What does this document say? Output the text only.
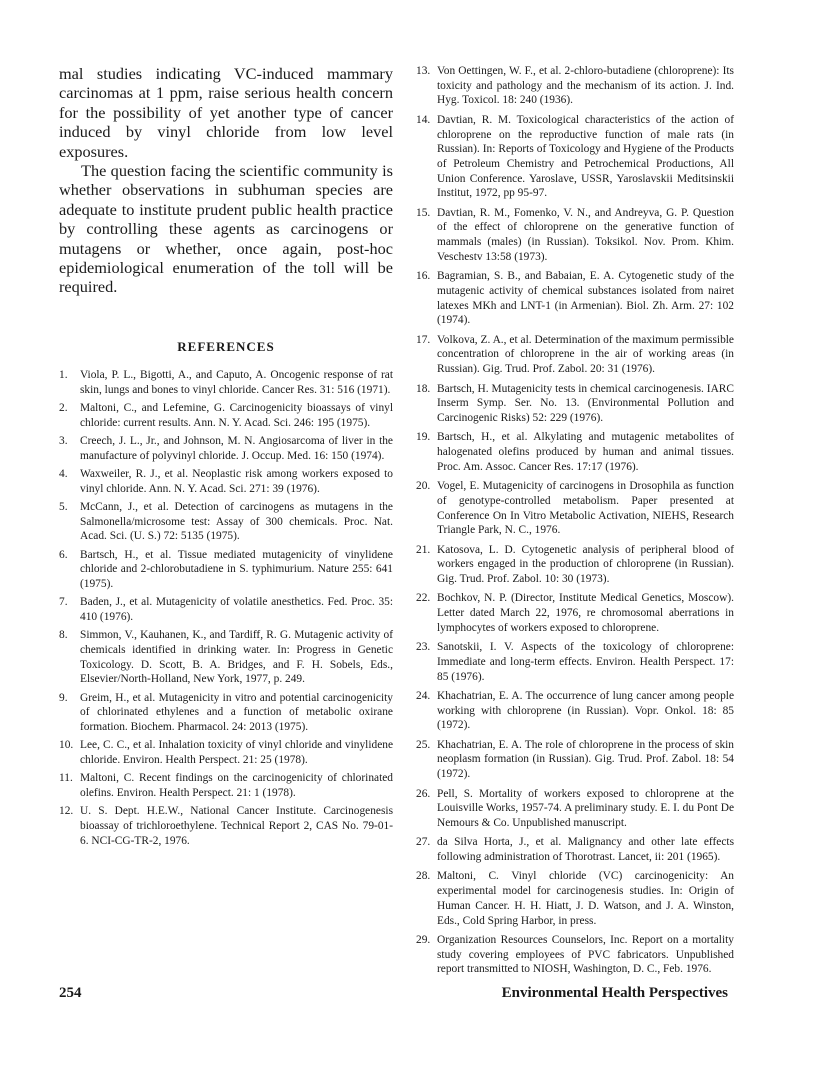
mal studies indicating VC-induced mammary carcinomas at 1 ppm, raise serious health concern for the possibility of yet another type of cancer induced by vinyl chloride from low level exposures.

The question facing the scientific community is whether observations in subhuman species are adequate to institute prudent public health practice by controlling these agents as carcinogens or mutagens or whether, once again, post-hoc epidemiological enumeration of the toll will be required.

REFERENCES
1. Viola, P. L., Bigotti, A., and Caputo, A. Oncogenic response of rat skin, lungs and bones to vinyl chloride. Cancer Res. 31: 516 (1971).
2. Maltoni, C., and Lefemine, G. Carcinogenicity bioassays of vinyl chloride: current results. Ann. N. Y. Acad. Sci. 246: 195 (1975).
3. Creech, J. L., Jr., and Johnson, M. N. Angiosarcoma of liver in the manufacture of polyvinyl chloride. J. Occup. Med. 16: 150 (1974).
4. Waxweiler, R. J., et al. Neoplastic risk among workers exposed to vinyl chloride. Ann. N. Y. Acad. Sci. 271: 39 (1976).
5. McCann, J., et al. Detection of carcinogens as mutagens in the Salmonella/microsome test: Assay of 300 chemicals. Proc. Nat. Acad. Sci. (U. S.) 72: 5135 (1975).
6. Bartsch, H., et al. Tissue mediated mutagenicity of vinylidene chloride and 2-chlorobutadiene in S. typhimurium. Nature 255: 641 (1975).
7. Baden, J., et al. Mutagenicity of volatile anesthetics. Fed. Proc. 35: 410 (1976).
8. Simmon, V., Kauhanen, K., and Tardiff, R. G. Mutagenic activity of chemicals identified in drinking water. In: Progress in Genetic Toxicology. D. Scott, B. A. Bridges, and F. H. Sobels, Eds., Elsevier/North-Holland, New York, 1977, p. 249.
9. Greim, H., et al. Mutagenicity in vitro and potential carcinogenicity of chlorinated ethylenes and a function of metabolic oxirane formation. Biochem. Pharmacol. 24: 2013 (1975).
10. Lee, C. C., et al. Inhalation toxicity of vinyl chloride and vinylidene chloride. Environ. Health Perspect. 21: 25 (1978).
11. Maltoni, C. Recent findings on the carcinogenicity of chlorinated olefins. Environ. Health Perspect. 21: 1 (1978).
12. U. S. Dept. H.E.W., National Cancer Institute. Carcinogenesis bioassay of trichloroethylene. Technical Report 2, CAS No. 79-01-6. NCI-CG-TR-2, 1976.
13. Von Oettingen, W. F., et al. 2-chloro-butadiene (chloroprene): Its toxicity and pathology and the mechanism of its action. J. Ind. Hyg. Toxicol. 18: 240 (1936).
14. Davtian, R. M. Toxicological characteristics of the action of chloroprene on the reproductive function of male rats (in Russian). In: Reports of Toxicology and Hygiene of the Products of Petroleum Chemistry and Petrochemical Productions, All Union Conference. Yaroslave, USSR, Yaroslavskii Meditsinskii Institut, 1972, pp 95-97.
15. Davtian, R. M., Fomenko, V. N., and Andreyva, G. P. Question of the effect of chloroprene on the generative function of mammals (males) (in Russian). Toksikol. Nov. Prom. Khim. Veschestv 13:58 (1973).
16. Bagramian, S. B., and Babaian, E. A. Cytogenetic study of the mutagenic activity of chemical substances isolated from nairet latexes MKh and LNT-1 (in Armenian). Biol. Zh. Arm. 27: 102 (1974).
17. Volkova, Z. A., et al. Determination of the maximum permissible concentration of chloroprene in the air of working areas (in Russian). Gig. Trud. Prof. Zabol. 20: 31 (1976).
18. Bartsch, H. Mutagenicity tests in chemical carcinogenesis. IARC Inserm Symp. Ser. No. 13. (Environmental Pollution and Carcinogenic Risks) 52: 229 (1976).
19. Bartsch, H., et al. Alkylating and mutagenic metabolites of halogenated olefins produced by human and animal tissues. Proc. Am. Assoc. Cancer Res. 17:17 (1976).
20. Vogel, E. Mutagenicity of carcinogens in Drosophila as function of genotype-controlled metabolism. Paper presented at Conference On In Vitro Metabolic Activation, NIEHS, Research Triangle Park, N. C., 1976.
21. Katosova, L. D. Cytogenetic analysis of peripheral blood of workers engaged in the production of chloroprene (in Russian). Gig. Trud. Prof. Zabol. 10: 30 (1973).
22. Bochkov, N. P. (Director, Institute Medical Genetics, Moscow). Letter dated March 22, 1976, re chromosomal aberrations in lymphocytes of workers exposed to chloroprene.
23. Sanotskii, I. V. Aspects of the toxicology of chloroprene: Immediate and long-term effects. Environ. Health Perspect. 17: 85 (1976).
24. Khachatrian, E. A. The occurrence of lung cancer among people working with chloroprene (in Russian). Vopr. Onkol. 18: 85 (1972).
25. Khachatrian, E. A. The role of chloroprene in the process of skin neoplasm formation (in Russian). Gig. Trud. Prof. Zabol. 18: 54 (1972).
26. Pell, S. Mortality of workers exposed to chloroprene at the Louisville Works, 1957-74. A preliminary study. E. I. du Pont De Nemours & Co. Unpublished manuscript.
27. da Silva Horta, J., et al. Malignancy and other late effects following administration of Thorotrast. Lancet, ii: 201 (1965).
28. Maltoni, C. Vinyl chloride (VC) carcinogenicity: An experimental model for carcinogenesis studies. In: Origin of Human Cancer. H. H. Hiatt, J. D. Watson, and J. A. Winston, Eds., Cold Spring Harbor, in press.
29. Organization Resources Counselors, Inc. Report on a mortality study covering employees of PVC fabricators. Unpublished report transmitted to NIOSH, Washington, D. C., Feb. 1976.
254	Environmental Health Perspectives
